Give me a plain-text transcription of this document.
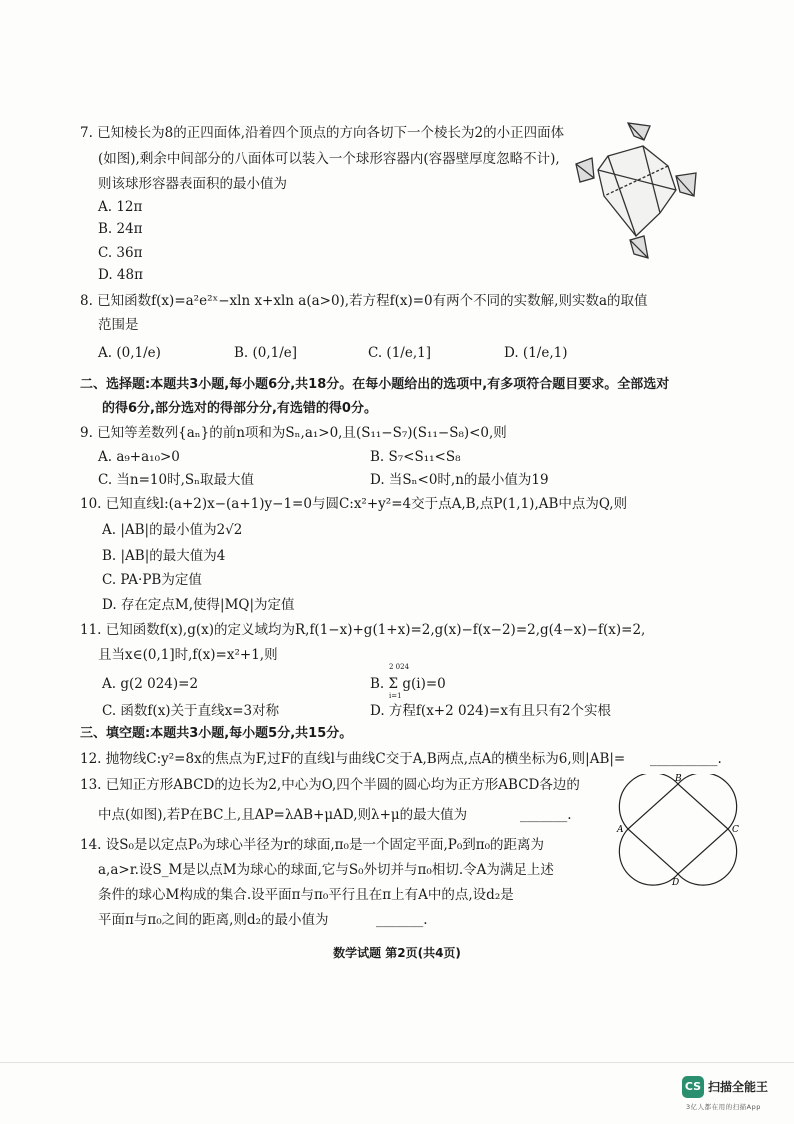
7. 已知棱长为8的正四面体,沿着四个顶点的方向各切下一个棱长为2的小正四面体
(如图),剩余中间部分的八面体可以装入一个球形容器内(容器壁厚度忽略不计),
则该球形容器表面积的最小值为
A. 12π
B. 24π
C. 36π
D. 48π
8. 已知函数f(x)=a²e²ˣ−xln x+xln a(a>0),若方程f(x)=0有两个不同的实数解,则实数a的取值
范围是
A. (0,1/e)	B. (0,1/e]	C. (1/e,1]	D. (1/e,1)
二、选择题:本题共3小题,每小题6分,共18分。在每小题给出的选项中,有多项符合题目要求。全部选对
的得6分,部分选对的得部分分,有选错的得0分。
9. 已知等差数列{aₙ}的前n项和为Sₙ,a₁>0,且(S₁₁−S₇)(S₁₁−S₈)<0,则
A. a₉+a₁₀>0	B. S₇<S₁₁<S₈
C. 当n=10时,Sₙ取最大值	D. 当Sₙ<0时,n的最小值为19
10. 已知直线l:(a+2)x−(a+1)y−1=0与圆C:x²+y²=4交于点A,B,点P(1,1),AB中点为Q,则
A. |AB|的最小值为2√2
B. |AB|的最大值为4
C. PA·PB为定值
D. 存在定点M,使得|MQ|为定值
11. 已知函数f(x),g(x)的定义域均为R,f(1−x)+g(1+x)=2,g(x)−f(x−2)=2,g(4−x)−f(x)=2,
且当x∈(0,1]时,f(x)=x²+1,则
A. g(2 024)=2	B. Σ g(i)=0
2 024
i=1
C. 函数f(x)关于直线x=3对称	D. 方程f(x+2 024)=x有且只有2个实根
三、填空题:本题共3小题,每小题5分,共15分。
12. 抛物线C:y²=8x的焦点为F,过F的直线l与曲线C交于A,B两点,点A的横坐标为6,则|AB|= __________.
13. 已知正方形ABCD的边长为2,中心为O,四个半圆的圆心均为正方形ABCD各边的
中点(如图),若P在BC上,且AP=λAB+μAD,则λ+μ的最大值为	_______.
A
B
C
D
14. 设S₀是以定点P₀为球心半径为r的球面,π₀是一个固定平面,P₀到π₀的距离为
a,a>r.设S_M是以点M为球心的球面,它与S₀外切并与π₀相切.令A为满足上述
条件的球心M构成的集合.设平面π与π₀平行且在π上有A中的点,设d₂是
平面π与π₀之间的距离,则d₂的最小值为	_______.
数学试题 第2页(共4页)
CS 扫描全能王
3亿人都在用的扫描App
